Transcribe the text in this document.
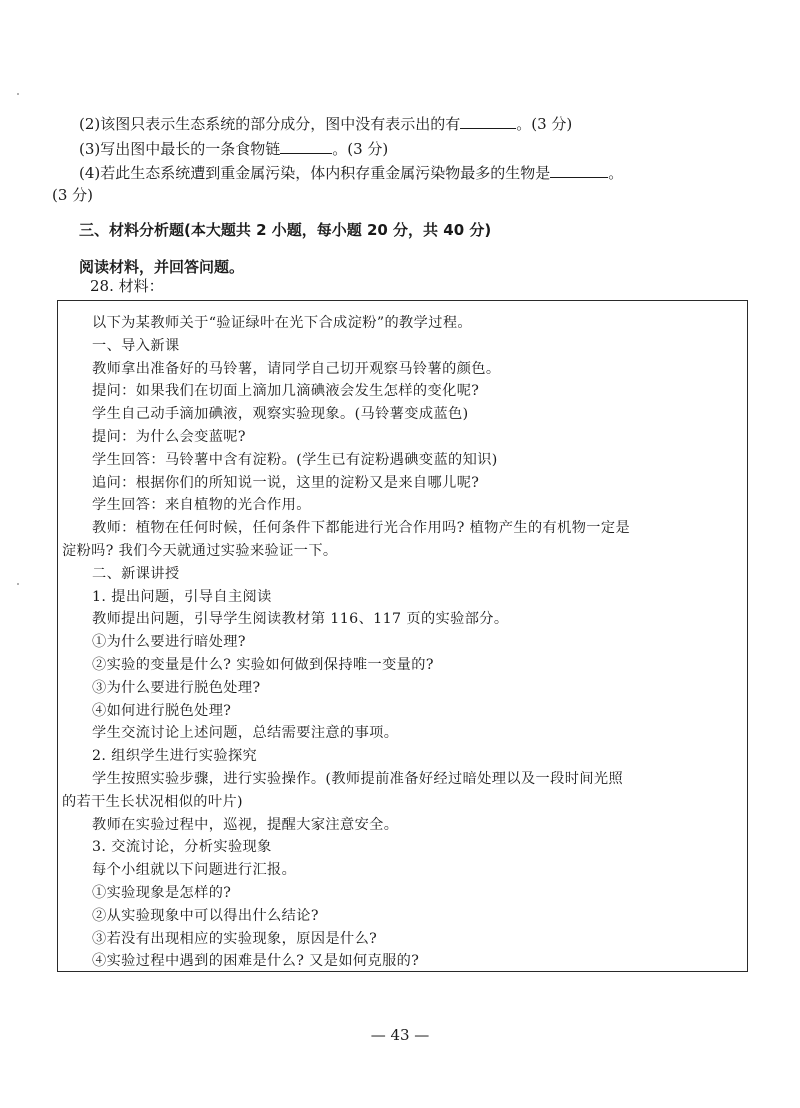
(2)该图只表示生态系统的部分成分，图中没有表示出的有	。(3 分)
(3)写出图中最长的一条食物链	。(3 分)
(4)若此生态系统遭到重金属污染，体内积存重金属污染物最多的生物是	。
(3 分)
三、材料分析题(本大题共 2 小题，每小题 20 分，共 40 分)
阅读材料，并回答问题。
28. 材料：
以下为某教师关于“验证绿叶在光下合成淀粉”的教学过程。
一、导入新课
教师拿出准备好的马铃薯，请同学自己切开观察马铃薯的颜色。
提问：如果我们在切面上滴加几滴碘液会发生怎样的变化呢?
学生自己动手滴加碘液，观察实验现象。(马铃薯变成蓝色)
提问：为什么会变蓝呢?
学生回答：马铃薯中含有淀粉。(学生已有淀粉遇碘变蓝的知识)
追问：根据你们的所知说一说，这里的淀粉又是来自哪儿呢?
学生回答：来自植物的光合作用。
教师：植物在任何时候，任何条件下都能进行光合作用吗? 植物产生的有机物一定是
淀粉吗? 我们今天就通过实验来验证一下。
二、新课讲授
1. 提出问题，引导自主阅读
教师提出问题，引导学生阅读教材第 116、117 页的实验部分。
①为什么要进行暗处理?
②实验的变量是什么? 实验如何做到保持唯一变量的?
③为什么要进行脱色处理?
④如何进行脱色处理?
学生交流讨论上述问题，总结需要注意的事项。
2. 组织学生进行实验探究
学生按照实验步骤，进行实验操作。(教师提前准备好经过暗处理以及一段时间光照
的若干生长状况相似的叶片)
教师在实验过程中，巡视，提醒大家注意安全。
3. 交流讨论，分析实验现象
每个小组就以下问题进行汇报。
①实验现象是怎样的?
②从实验现象中可以得出什么结论?
③若没有出现相应的实验现象，原因是什么?
④实验过程中遇到的困难是什么? 又是如何克服的?
— 43 —
